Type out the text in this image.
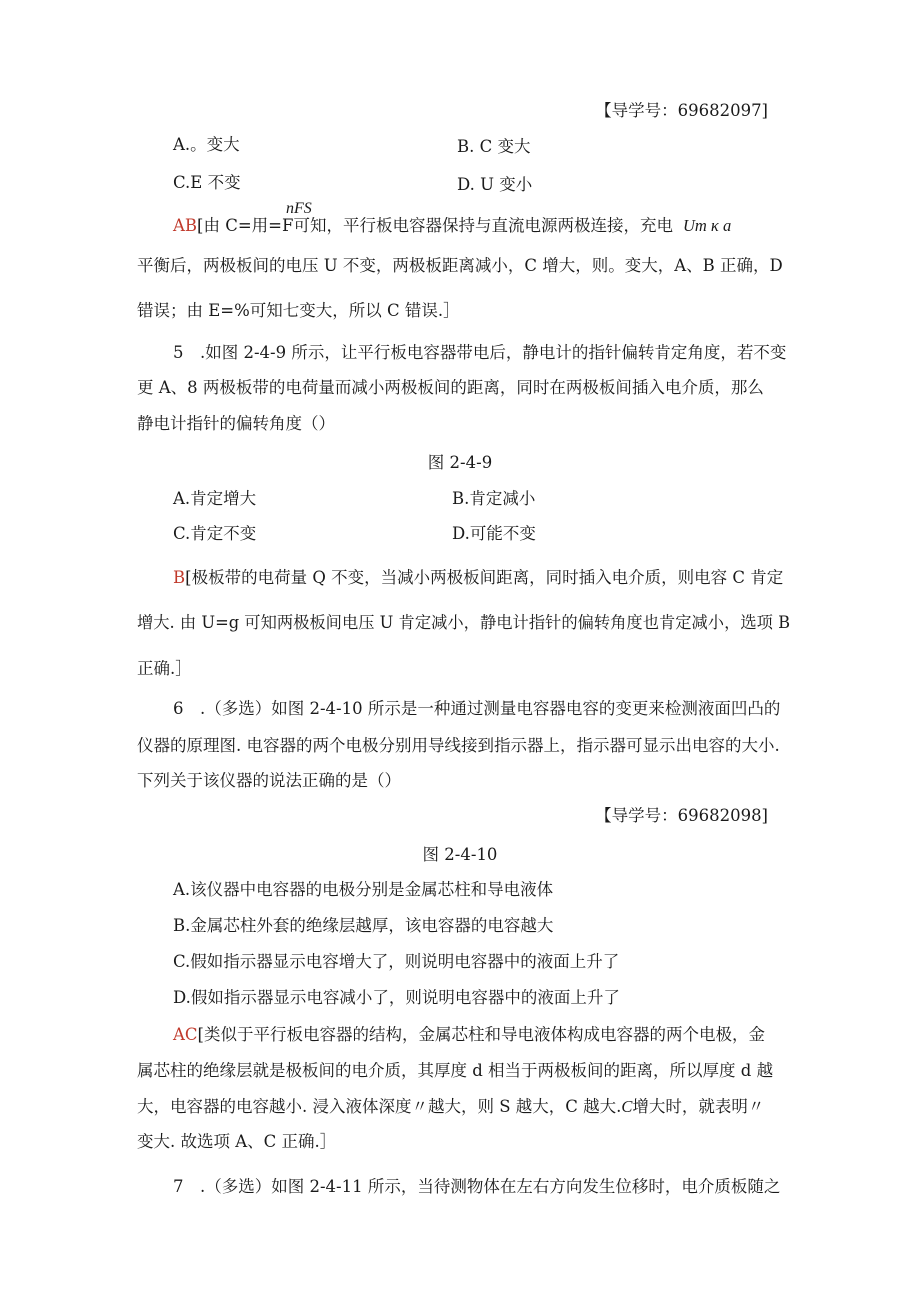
【导学号：69682097]
A.。变大	B. C 变大
C.E 不变	D. U 变小
nFS
AB[由 C=用=F可知，平行板电容器保持与直流电源两极连接，充电 Um κ a
平衡后，两极板间的电压 U 不变，两极板距离减小，C 增大，则。变大，A、B 正确，D
错误；由 E=%可知七变大，所以 C 错误.］
5　.如图 2-4-9 所示，让平行板电容器带电后，静电计的指针偏转肯定角度，若不变
更 A、8 两极板带的电荷量而减小两极板间的距离，同时在两极板间插入电介质，那么
静电计指针的偏转角度（）
图 2-4-9
A.肯定增大	B.肯定减小
C.肯定不变	D.可能不变
B[极板带的电荷量 Q 不变，当减小两极板间距离，同时插入电介质，则电容 C 肯定
增大. 由 U=g 可知两极板间电压 U 肯定减小，静电计指针的偏转角度也肯定减小，选项 B
正确.］
6　.（多选）如图 2-4-10 所示是一种通过测量电容器电容的变更来检测液面凹凸的
仪器的原理图. 电容器的两个电极分别用导线接到指示器上，指示器可显示出电容的大小.
下列关于该仪器的说法正确的是（）
【导学号：69682098]
图 2-4-10
A.该仪器中电容器的电极分别是金属芯柱和导电液体
B.金属芯柱外套的绝缘层越厚，该电容器的电容越大
C.假如指示器显示电容增大了，则说明电容器中的液面上升了
D.假如指示器显示电容减小了，则说明电容器中的液面上升了
AC[类似于平行板电容器的结构，金属芯柱和导电液体构成电容器的两个电极，金
属芯柱的绝缘层就是极板间的电介质，其厚度 d 相当于两极板间的距离，所以厚度 d 越
大，电容器的电容越小. 浸入液体深度〃越大，则 S 越大，C 越大.C增大时，就表明〃
变大. 故选项 A、C 正确.］
7　.（多选）如图 2-4-11 所示，当待测物体在左右方向发生位移时，电介质板随之
